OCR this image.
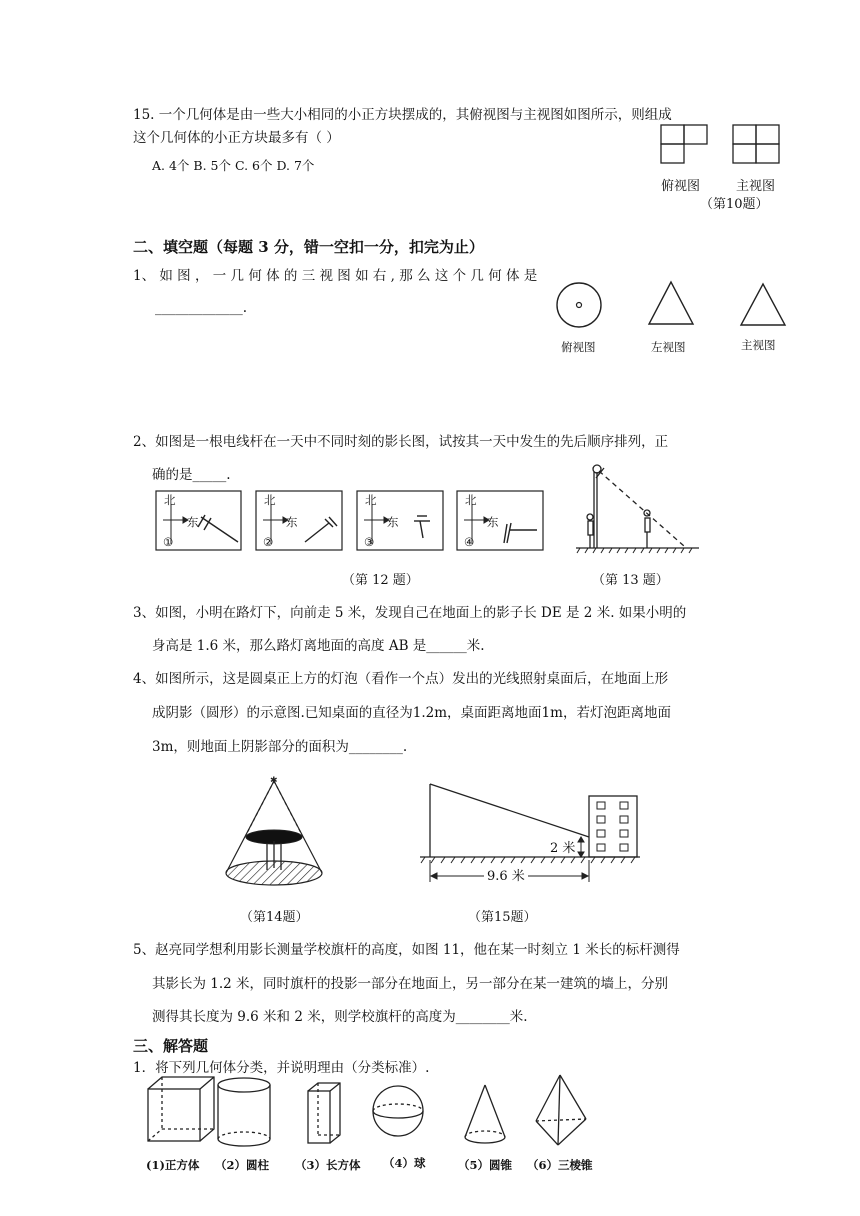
15. 一个几何体是由一些大小相同的小正方块摆成的，其俯视图与主视图如图所示，则组成
这个几何体的小正方块最多有（ ）
A. 4个 B. 5个 C. 6个 D. 7个
俯视图	主视图
（第10题）
二、填空题（每题 3 分，错一空扣一分，扣完为止）
1、 如 图 ， 一 几 何 体 的 三 视 图 如 右 , 那 么 这 个 几 何 体 是
_____________.
俯视图	左视图	主视图
2、如图是一根电线杆在一天中不同时刻的影长图，试按其一天中发生的先后顺序排列，正
确的是_____.
北
东
北
东
北
东
北
东
①	②	③	④
（第 12 题）	（第 13 题）
3、如图，小明在路灯下，向前走 5 米，发现自己在地面上的影子长 DE 是 2 米. 如果小明的
身高是 1.6 米，那么路灯离地面的高度 AB 是______米.
4、如图所示，这是圆桌正上方的灯泡（看作一个点）发出的光线照射桌面后，在地面上形
成阴影（圆形）的示意图.已知桌面的直径为1.2m，桌面距离地面1m，若灯泡距离地面
3m，则地面上阴影部分的面积为________.
✱
2 米
9.6 米
（第14题）	（第15题）
5、赵亮同学想利用影长测量学校旗杆的高度，如图 11，他在某一时刻立 1 米长的标杆测得
其影长为 1.2 米，同时旗杆的投影一部分在地面上，另一部分在某一建筑的墙上，分别
测得其长度为 9.6 米和 2 米，则学校旗杆的高度为________米.
三、解答题
1．将下列几何体分类，并说明理由（分类标准）.
(1)正方体 （2）圆柱 （3）长方体 （4）球	（5）圆锥 （6）三棱锥
